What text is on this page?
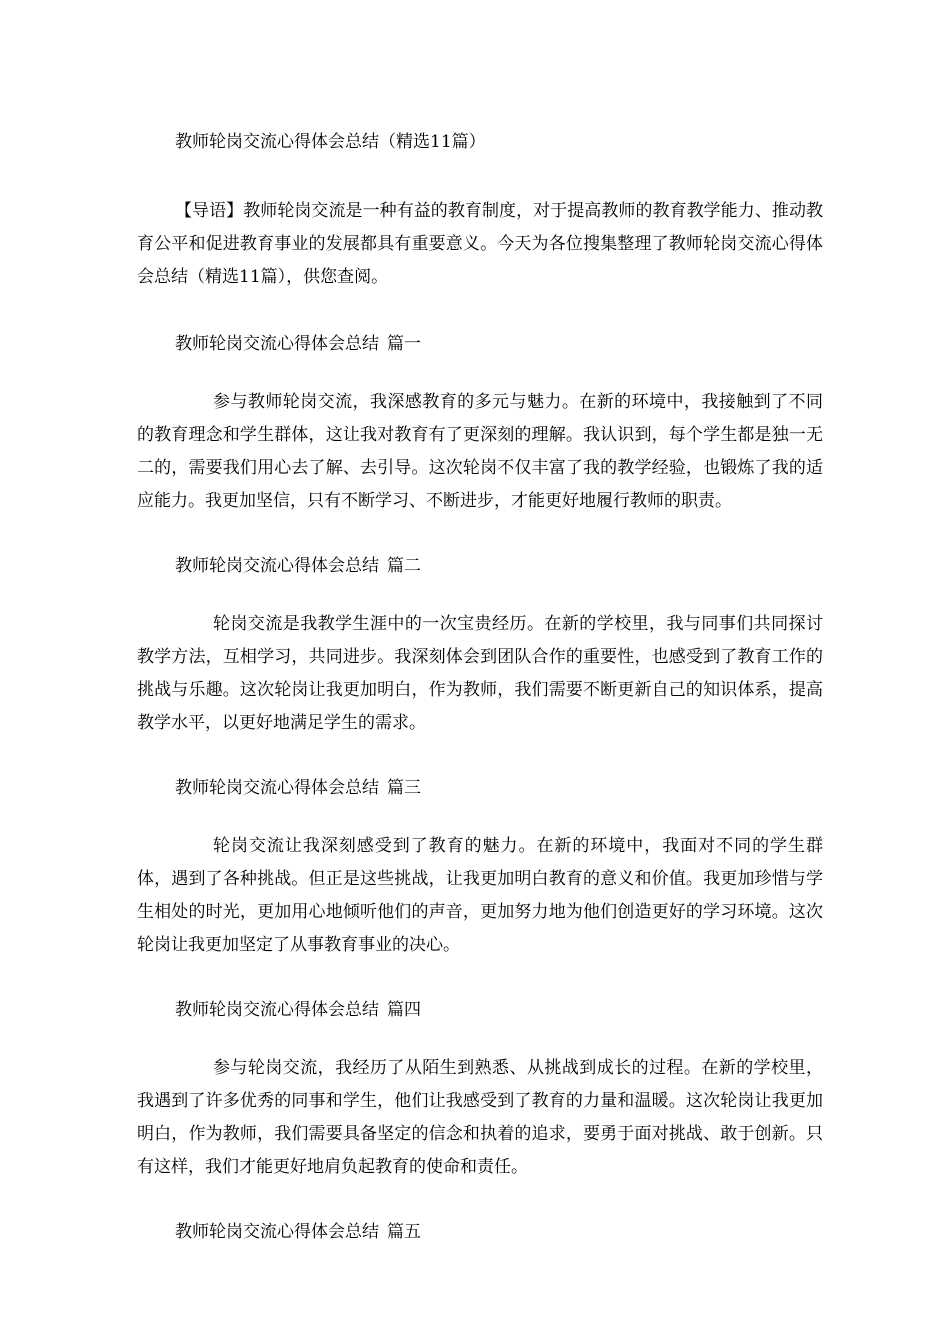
教师轮岗交流心得体会总结（精选11篇）

【导语】教师轮岗交流是一种有益的教育制度，对于提高教师的教育教学能力、推动教育公平和促进教育事业的发展都具有重要意义。今天为各位搜集整理了教师轮岗交流心得体会总结（精选11篇），供您查阅。

教师轮岗交流心得体会总结 篇一

参与教师轮岗交流，我深感教育的多元与魅力。在新的环境中，我接触到了不同的教育理念和学生群体，这让我对教育有了更深刻的理解。我认识到，每个学生都是独一无二的，需要我们用心去了解、去引导。这次轮岗不仅丰富了我的教学经验，也锻炼了我的适应能力。我更加坚信，只有不断学习、不断进步，才能更好地履行教师的职责。

教师轮岗交流心得体会总结 篇二

轮岗交流是我教学生涯中的一次宝贵经历。在新的学校里，我与同事们共同探讨教学方法，互相学习，共同进步。我深刻体会到团队合作的重要性，也感受到了教育工作的挑战与乐趣。这次轮岗让我更加明白，作为教师，我们需要不断更新自己的知识体系，提高教学水平，以更好地满足学生的需求。

教师轮岗交流心得体会总结 篇三

轮岗交流让我深刻感受到了教育的魅力。在新的环境中，我面对不同的学生群体，遇到了各种挑战。但正是这些挑战，让我更加明白教育的意义和价值。我更加珍惜与学生相处的时光，更加用心地倾听他们的声音，更加努力地为他们创造更好的学习环境。这次轮岗让我更加坚定了从事教育事业的决心。

教师轮岗交流心得体会总结 篇四

参与轮岗交流，我经历了从陌生到熟悉、从挑战到成长的过程。在新的学校里，我遇到了许多优秀的同事和学生，他们让我感受到了教育的力量和温暖。这次轮岗让我更加明白，作为教师，我们需要具备坚定的信念和执着的追求，要勇于面对挑战、敢于创新。只有这样，我们才能更好地肩负起教育的使命和责任。

教师轮岗交流心得体会总结 篇五
